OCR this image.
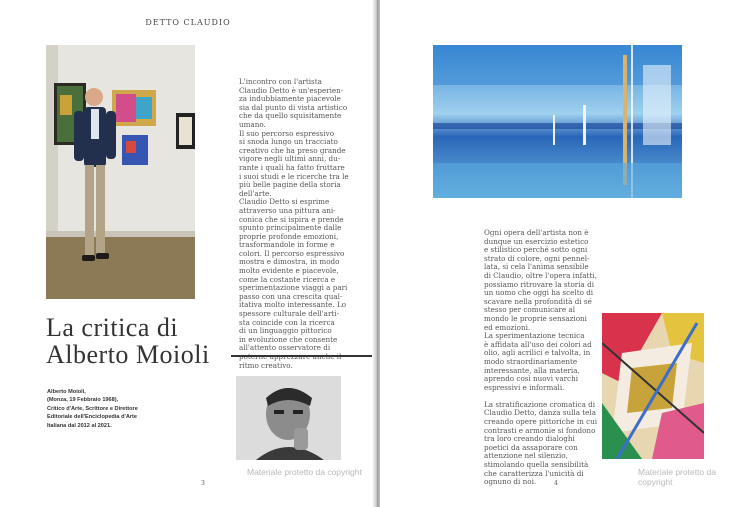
DETTO CLAUDIO
L'incontro con l'artista
Claudio Detto è un'esperien-
za indubbiamente piacevole
sia dal punto di vista artistico
che da quello squisitamente
umano.
Il suo percorso espressivo
si snoda lungo un tracciato
creativo che ha preso grande
vigore negli ultimi anni, du-
rante i quali ha fatto fruttare
i suoi studi e le ricerche tra le
più belle pagine della storia
dell'arte.
Claudio Detto si esprime
attraverso una pittura ani-
conica che si ispira e prende
spunto principalmente dalle
proprie profonde emozioni,
trasformandole in forme e
colori. Il percorso espressivo
mostra e dimostra, in modo
molto evidente e piacevole,
come la costante ricerca e
sperimentazione viaggi a pari
passo con una crescita qual-
itativa molto interessante. Lo
spessore culturale dell'arti-
sta coincide con la ricerca
di un linguaggio pittorico
in evoluzione che consente
all'attento osservatore di

ritmo creativo.
La critica di
Alberto Moioli
Alberto Moioli,
(Monza, 19 Febbraio 1968),
Critico d'Arte, Scrittore e Direttore
Editoriale dell'Enciclopedia d'Arte
Italiana dal 2012 al 2021.
Materiale protetto da copyright
3
Ogni opera dell'artista non è
dunque un esercizio estetico
e stilistico perché sotto ogni
strato di colore, ogni pennel-
lata, si cela l'anima sensibile
di Claudio, oltre l'opera infatti,
possiamo ritrovare la storia di
un uomo che oggi ha scelto di
scavare nella profondità di sé
stesso per comunicare al
mondo le proprie sensazioni
ed emozioni.
La sperimentazione tecnica
è affidata all'uso dei colori ad
olio, agli acrilici e talvolta, in
modo straordinariamente
interessante, alla materia,
aprendo così nuovi varchi
espressivi e informali.

La stratificazione cromatica di
Claudio Detto, danza sulla tela
creando opere pittoriche in cui
contrasti e armonie si fondono
tra loro creando dialoghi
poetici da assaporare con
attenzione nel silenzio,
stimolando quella sensibilità
che caratterizza l'unicità di
ognuno di noi.
Materiale protetto da copyright
4
